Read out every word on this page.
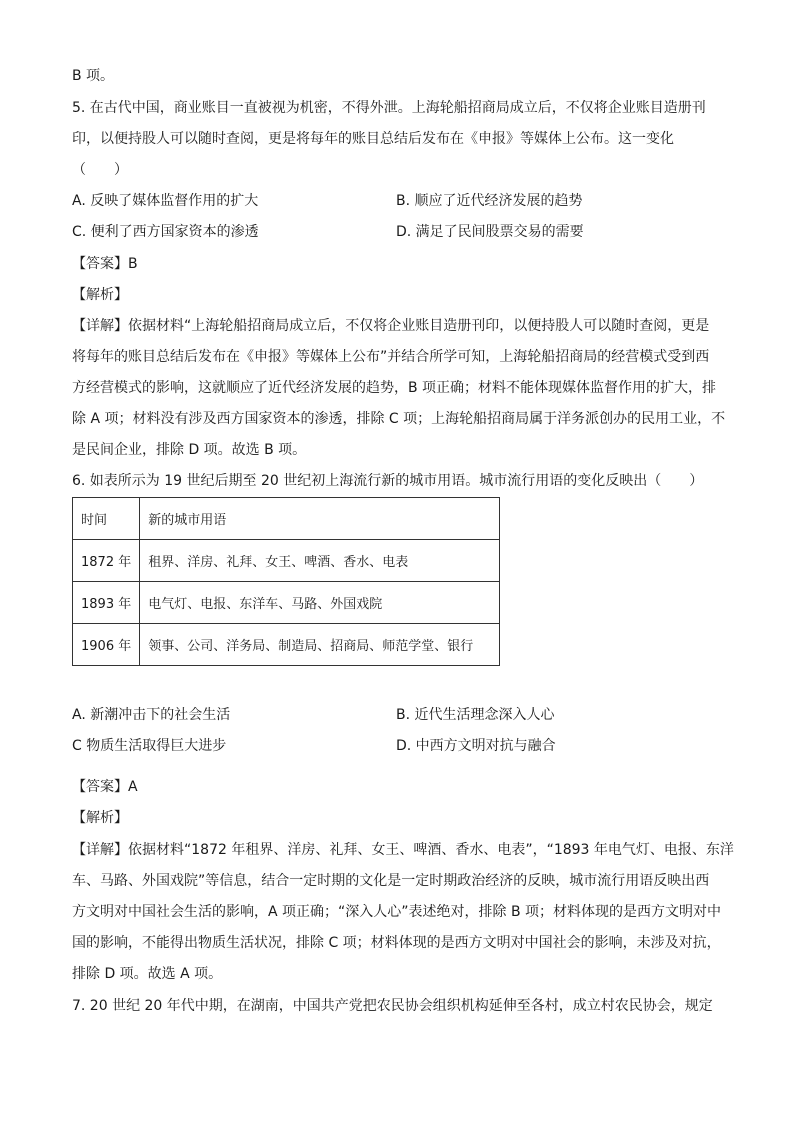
B 项。
5. 在古代中国，商业账目一直被视为机密，不得外泄。上海轮船招商局成立后，不仅将企业账目造册刊
印，以便持股人可以随时查阅，更是将每年的账目总结后发布在《申报》等媒体上公布。这一变化
（　　）
A. 反映了媒体监督作用的扩大	B. 顺应了近代经济发展的趋势
C. 便利了西方国家资本的渗透	D. 满足了民间股票交易的需要
【答案】B
【解析】
【详解】依据材料“上海轮船招商局成立后，不仅将企业账目造册刊印，以便持股人可以随时查阅，更是
将每年的账目总结后发布在《申报》等媒体上公布”并结合所学可知，上海轮船招商局的经营模式受到西
方经营模式的影响，这就顺应了近代经济发展的趋势，B 项正确；材料不能体现媒体监督作用的扩大，排
除 A 项；材料没有涉及西方国家资本的渗透，排除 C 项；上海轮船招商局属于洋务派创办的民用工业，不
是民间企业，排除 D 项。故选 B 项。
6. 如表所示为 19 世纪后期至 20 世纪初上海流行新的城市用语。城市流行用语的变化反映出（　　）
时间	新的城市用语
1872 年	租界、洋房、礼拜、女王、啤酒、香水、电表
1893 年	电气灯、电报、东洋车、马路、外国戏院
1906 年	领事、公司、洋务局、制造局、招商局、师范学堂、银行
A. 新潮冲击下的社会生活	B. 近代生活理念深入人心
C 物质生活取得巨大进步	D. 中西方文明对抗与融合
【答案】A
【解析】
【详解】依据材料“1872 年租界、洋房、礼拜、女王、啤酒、香水、电表”，“1893 年电气灯、电报、东洋
车、马路、外国戏院”等信息，结合一定时期的文化是一定时期政治经济的反映，城市流行用语反映出西
方文明对中国社会生活的影响，A 项正确；“深入人心”表述绝对，排除 B 项；材料体现的是西方文明对中
国的影响，不能得出物质生活状况，排除 C 项；材料体现的是西方文明对中国社会的影响，未涉及对抗，
排除 D 项。故选 A 项。
7. 20 世纪 20 年代中期，在湖南，中国共产党把农民协会组织机构延伸至各村，成立村农民协会，规定
